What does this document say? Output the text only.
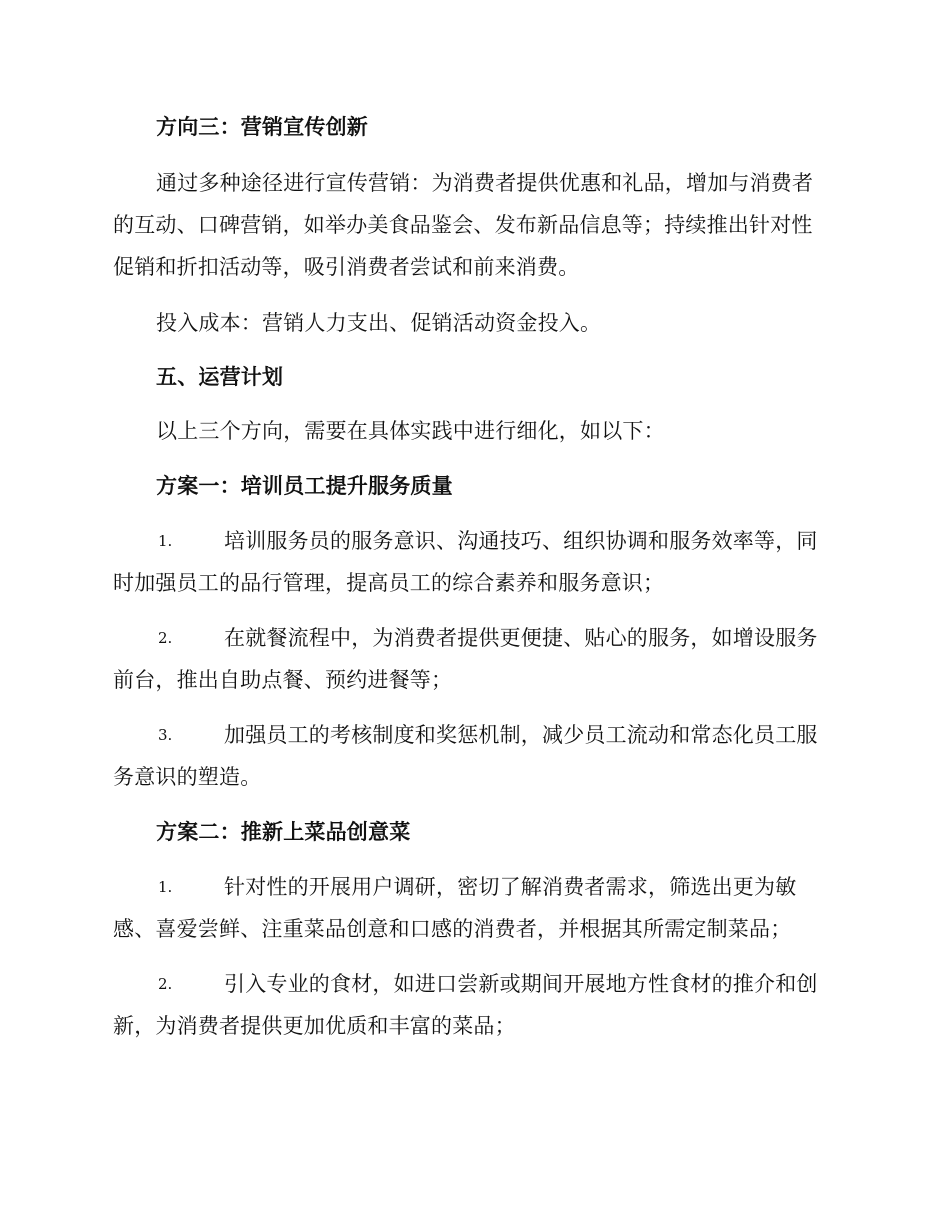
方向三：营销宣传创新
通过多种途径进行宣传营销：为消费者提供优惠和礼品，增加与消费者
的互动、口碑营销，如举办美食品鉴会、发布新品信息等；持续推出针对性
促销和折扣活动等，吸引消费者尝试和前来消费。
投入成本：营销人力支出、促销活动资金投入。
五、运营计划
以上三个方向，需要在具体实践中进行细化，如以下：
方案一：培训员工提升服务质量
1. 培训服务员的服务意识、沟通技巧、组织协调和服务效率等，同
时加强员工的品行管理，提高员工的综合素养和服务意识；
2. 在就餐流程中，为消费者提供更便捷、贴心的服务，如增设服务
前台，推出自助点餐、预约进餐等；
3. 加强员工的考核制度和奖惩机制，减少员工流动和常态化员工服
务意识的塑造。
方案二：推新上菜品创意菜
1. 针对性的开展用户调研，密切了解消费者需求，筛选出更为敏
感、喜爱尝鲜、注重菜品创意和口感的消费者，并根据其所需定制菜品；
2. 引入专业的食材，如进口尝新或期间开展地方性食材的推介和创
新，为消费者提供更加优质和丰富的菜品；
